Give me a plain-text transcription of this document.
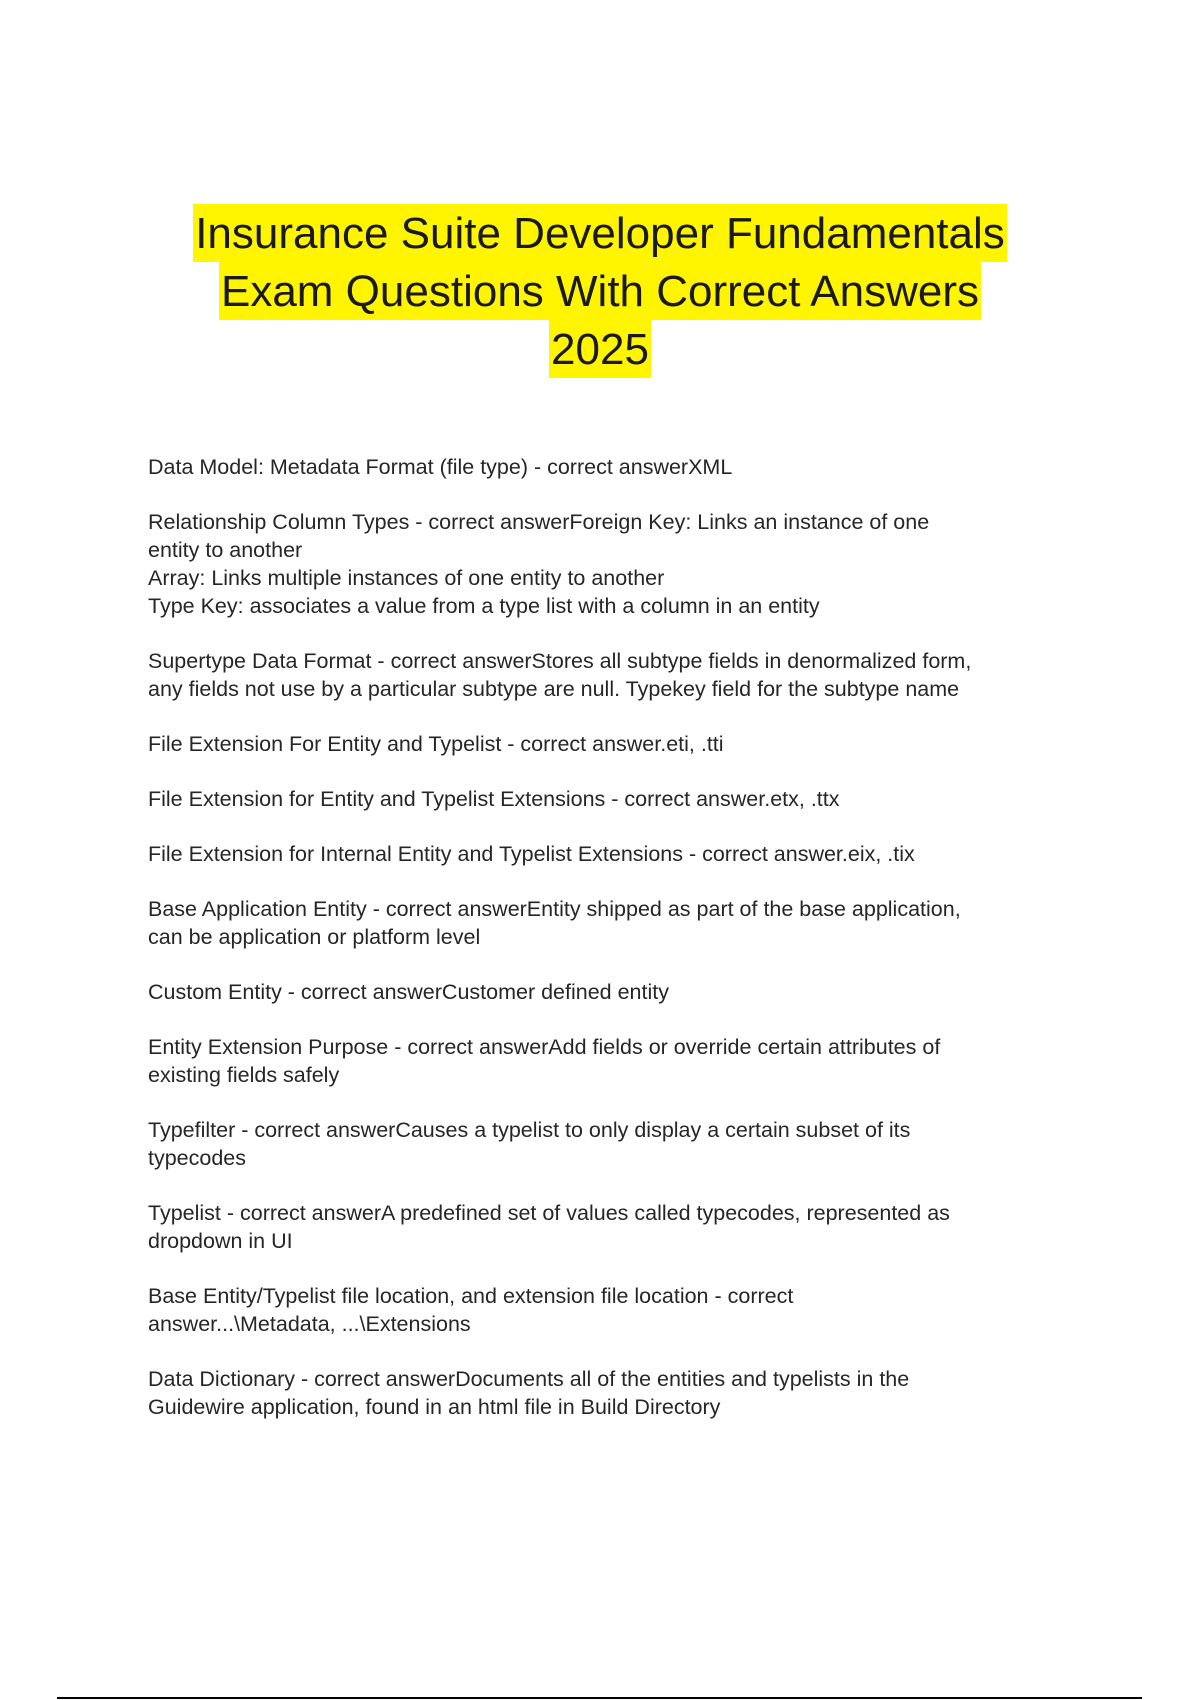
Insurance Suite Developer Fundamentals
Exam Questions With Correct Answers
2025
Data Model: Metadata Format (file type) - correct answerXML
Relationship Column Types - correct answerForeign Key: Links an instance of one
entity to another
Array: Links multiple instances of one entity to another
Type Key: associates a value from a type list with a column in an entity
Supertype Data Format - correct answerStores all subtype fields in denormalized form,
any fields not use by a particular subtype are null. Typekey field for the subtype name
File Extension For Entity and Typelist - correct answer.eti, .tti
File Extension for Entity and Typelist Extensions - correct answer.etx, .ttx
File Extension for Internal Entity and Typelist Extensions - correct answer.eix, .tix
Base Application Entity - correct answerEntity shipped as part of the base application,
can be application or platform level
Custom Entity - correct answerCustomer defined entity
Entity Extension Purpose - correct answerAdd fields or override certain attributes of
existing fields safely
Typefilter - correct answerCauses a typelist to only display a certain subset of its
typecodes
Typelist - correct answerA predefined set of values called typecodes, represented as
dropdown in UI
Base Entity/Typelist file location, and extension file location - correct
answer...\Metadata, ...\Extensions
Data Dictionary - correct answerDocuments all of the entities and typelists in the
Guidewire application, found in an html file in Build Directory
